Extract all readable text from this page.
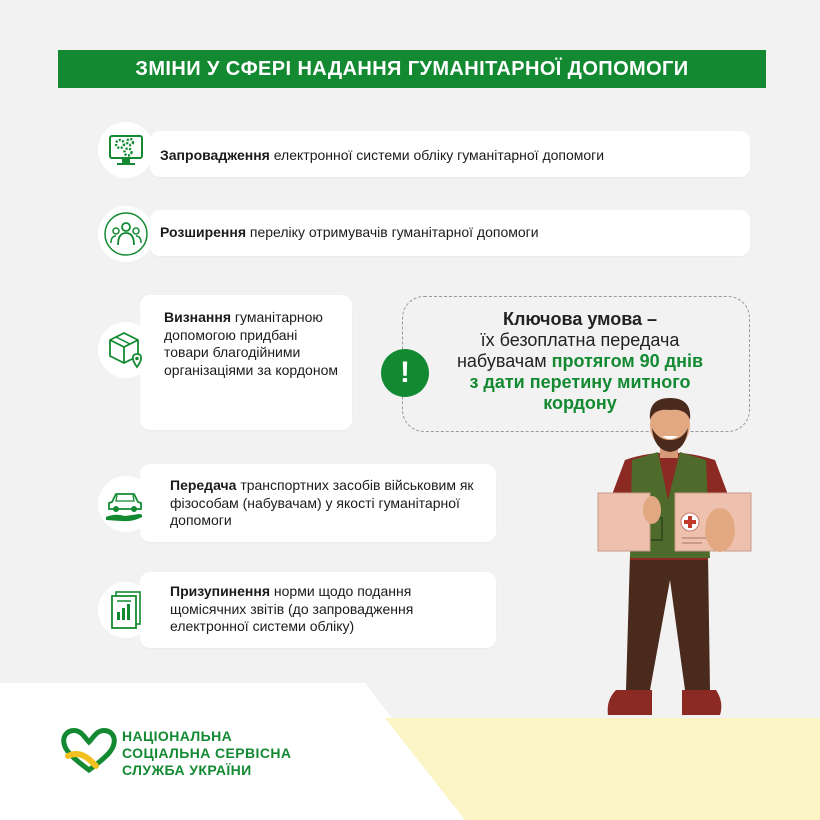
ЗМІНИ У СФЕРІ НАДАННЯ ГУМАНІТАРНОЇ ДОПОМОГИ
Запровадження електронної системи обліку гуманітарної допомоги
Розширення переліку отримувачів гуманітарної допомоги
Визнання гуманітарною допомогою придбані товари благодійними організаціями за кордоном	!
Ключова умова –
їх безоплатна передача
набувачам протягом 90 днів
з дати перетину митного
кордону
Передача транспортних засобів військовим як фізособам (набувачам) у якості гуманітарної допомоги
Призупинення норми щодо подання щомісячних звітів (до запровадження електронної системи обліку)
НАЦІОНАЛЬНА
СОЦІАЛЬНА СЕРВІСНА
СЛУЖБА УКРАЇНИ
